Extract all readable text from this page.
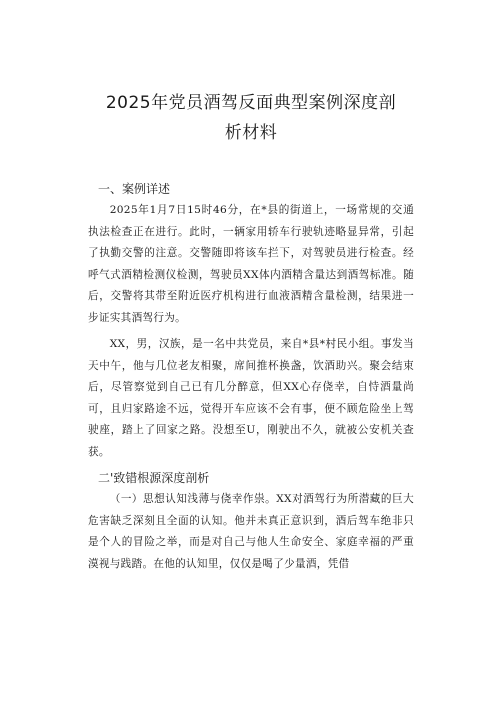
2025年党员酒驾反面典型案例深度剖析材料
一、案例详述

2025年1月7日15时46分，在*县的街道上，一场常规的交通执法检查正在进行。此时，一辆家用轿车行驶轨迹略显异常，引起了执勤交警的注意。交警随即将该车拦下，对驾驶员进行检查。经呼气式酒精检测仪检测，驾驶员XX体内酒精含量达到酒驾标准。随后，交警将其带至附近医疗机构进行血液酒精含量检测，结果进一步证实其酒驾行为。

XX，男，汉族，是一名中共党员，来自*县*村民小组。事发当天中午，他与几位老友相聚，席间推杯换盏，饮酒助兴。聚会结束后，尽管察觉到自己已有几分醉意，但XX心存侥幸，自恃酒量尚可，且归家路途不远，觉得开车应该不会有事，便不顾危险坐上驾驶座，踏上了回家之路。没想至U，刚驶出不久，就被公安机关查获。

二'致错根源深度剖析

（一）思想认知浅薄与侥幸作祟。XX对酒驾行为所潜藏的巨大危害缺乏深刻且全面的认知。他并未真正意识到，酒后驾车绝非只是个人的冒险之举，而是对自己与他人生命安全、家庭幸福的严重漠视与践踏。在他的认知里，仅仅是喝了少量酒，凭借
